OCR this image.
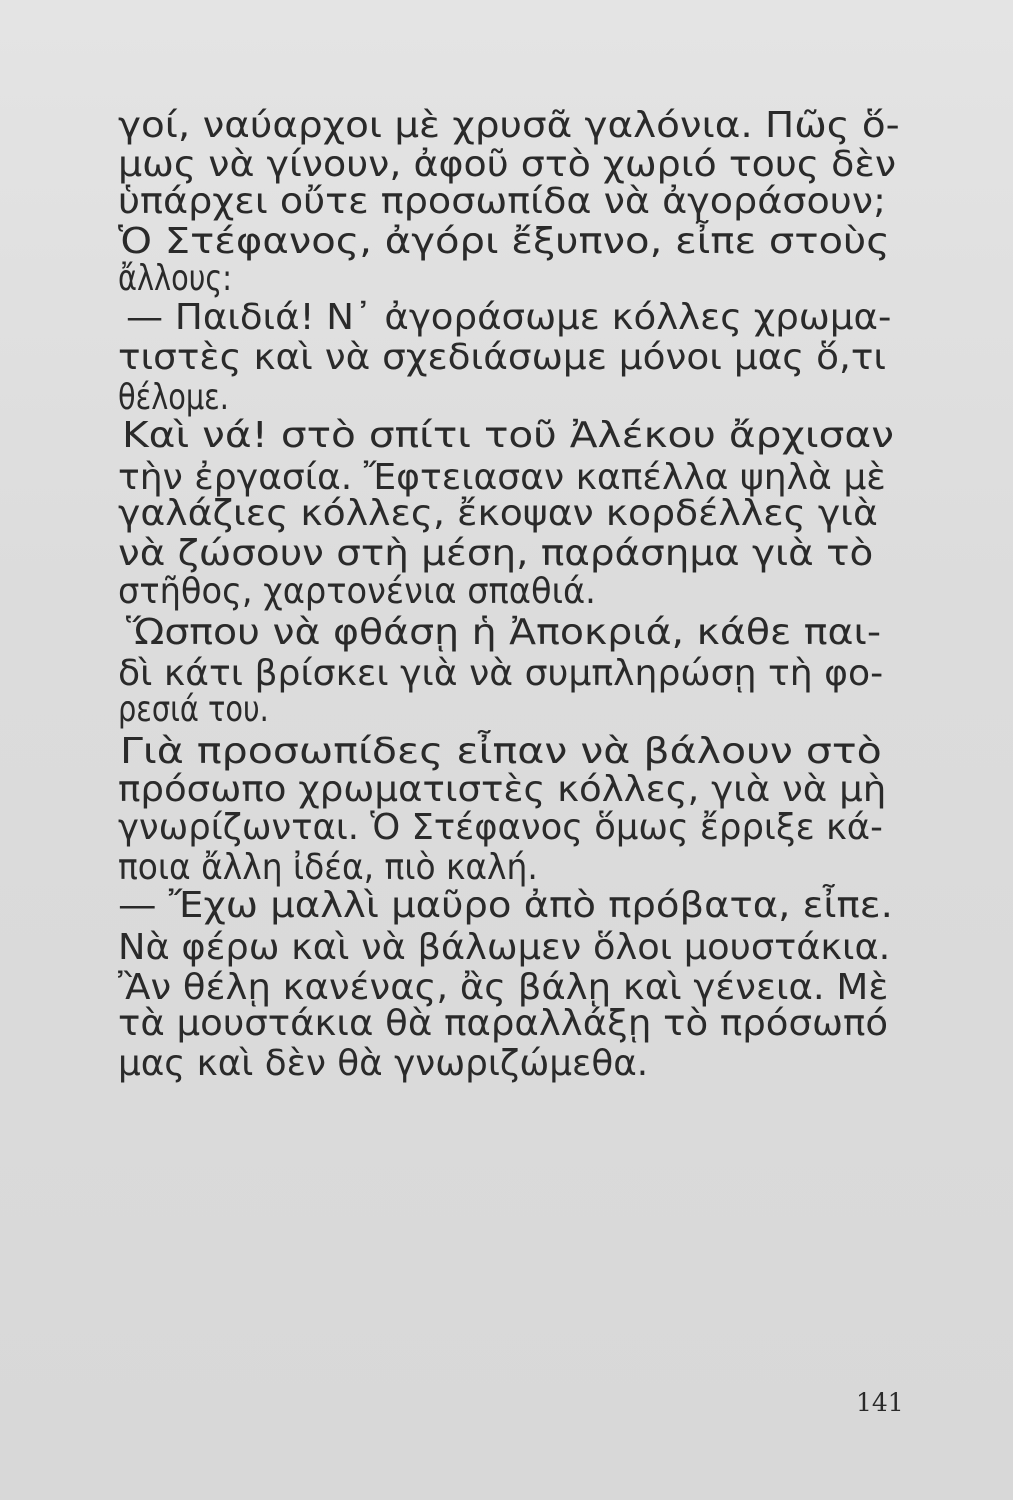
γοί, ναύαρχοι μὲ χρυσᾶ γαλόνια. Πῶς ὅ-
μως νὰ γίνουν, ἀφοῦ στὸ χωριό τους δὲν
ὑπάρχει οὔτε προσωπίδα νὰ ἀγοράσουν;
Ὁ Στέφανος, ἀγόρι ἔξυπνο, εἶπε στοὺς
ἄλλους:
— Παιδιά! Ν᾽ ἀγοράσωμε κόλλες χρωμα-
τιστὲς καὶ νὰ σχεδιάσωμε μόνοι μας ὅ,τι
θέλομε.
Καὶ νά! στὸ σπίτι τοῦ Ἀλέκου ἄρχισαν
τὴν ἐργασία. Ἔφτειασαν καπέλλα ψηλὰ μὲ
γαλάζιες κόλλες, ἔκοψαν κορδέλλες γιὰ
νὰ ζώσουν στὴ μέση, παράσημα γιὰ τὸ
στῆθος, χαρτονένια σπαθιά.
Ὥσπου νὰ φθάσῃ ἡ Ἀποκριά, κάθε παι-
δὶ κάτι βρίσκει γιὰ νὰ συμπληρώσῃ τὴ φο-
ρεσιά του.
Γιὰ προσωπίδες εἶπαν νὰ βάλουν στὸ
πρόσωπο χρωματιστὲς κόλλες, γιὰ νὰ μὴ
γνωρίζωνται. Ὁ Στέφανος ὅμως ἔρριξε κά-
ποια ἄλλη ἰδέα, πιὸ καλή.
— Ἔχω μαλλὶ μαῦρο ἀπὸ πρόβατα, εἶπε.
Νὰ φέρω καὶ νὰ βάλωμεν ὅλοι μουστάκια.
Ἂν θέλῃ κανένας, ἂς βάλῃ καὶ γένεια. Μὲ
τὰ μουστάκια θὰ παραλλάξῃ τὸ πρόσωπό
μας καὶ δὲν θὰ γνωριζώμεθα.
141
